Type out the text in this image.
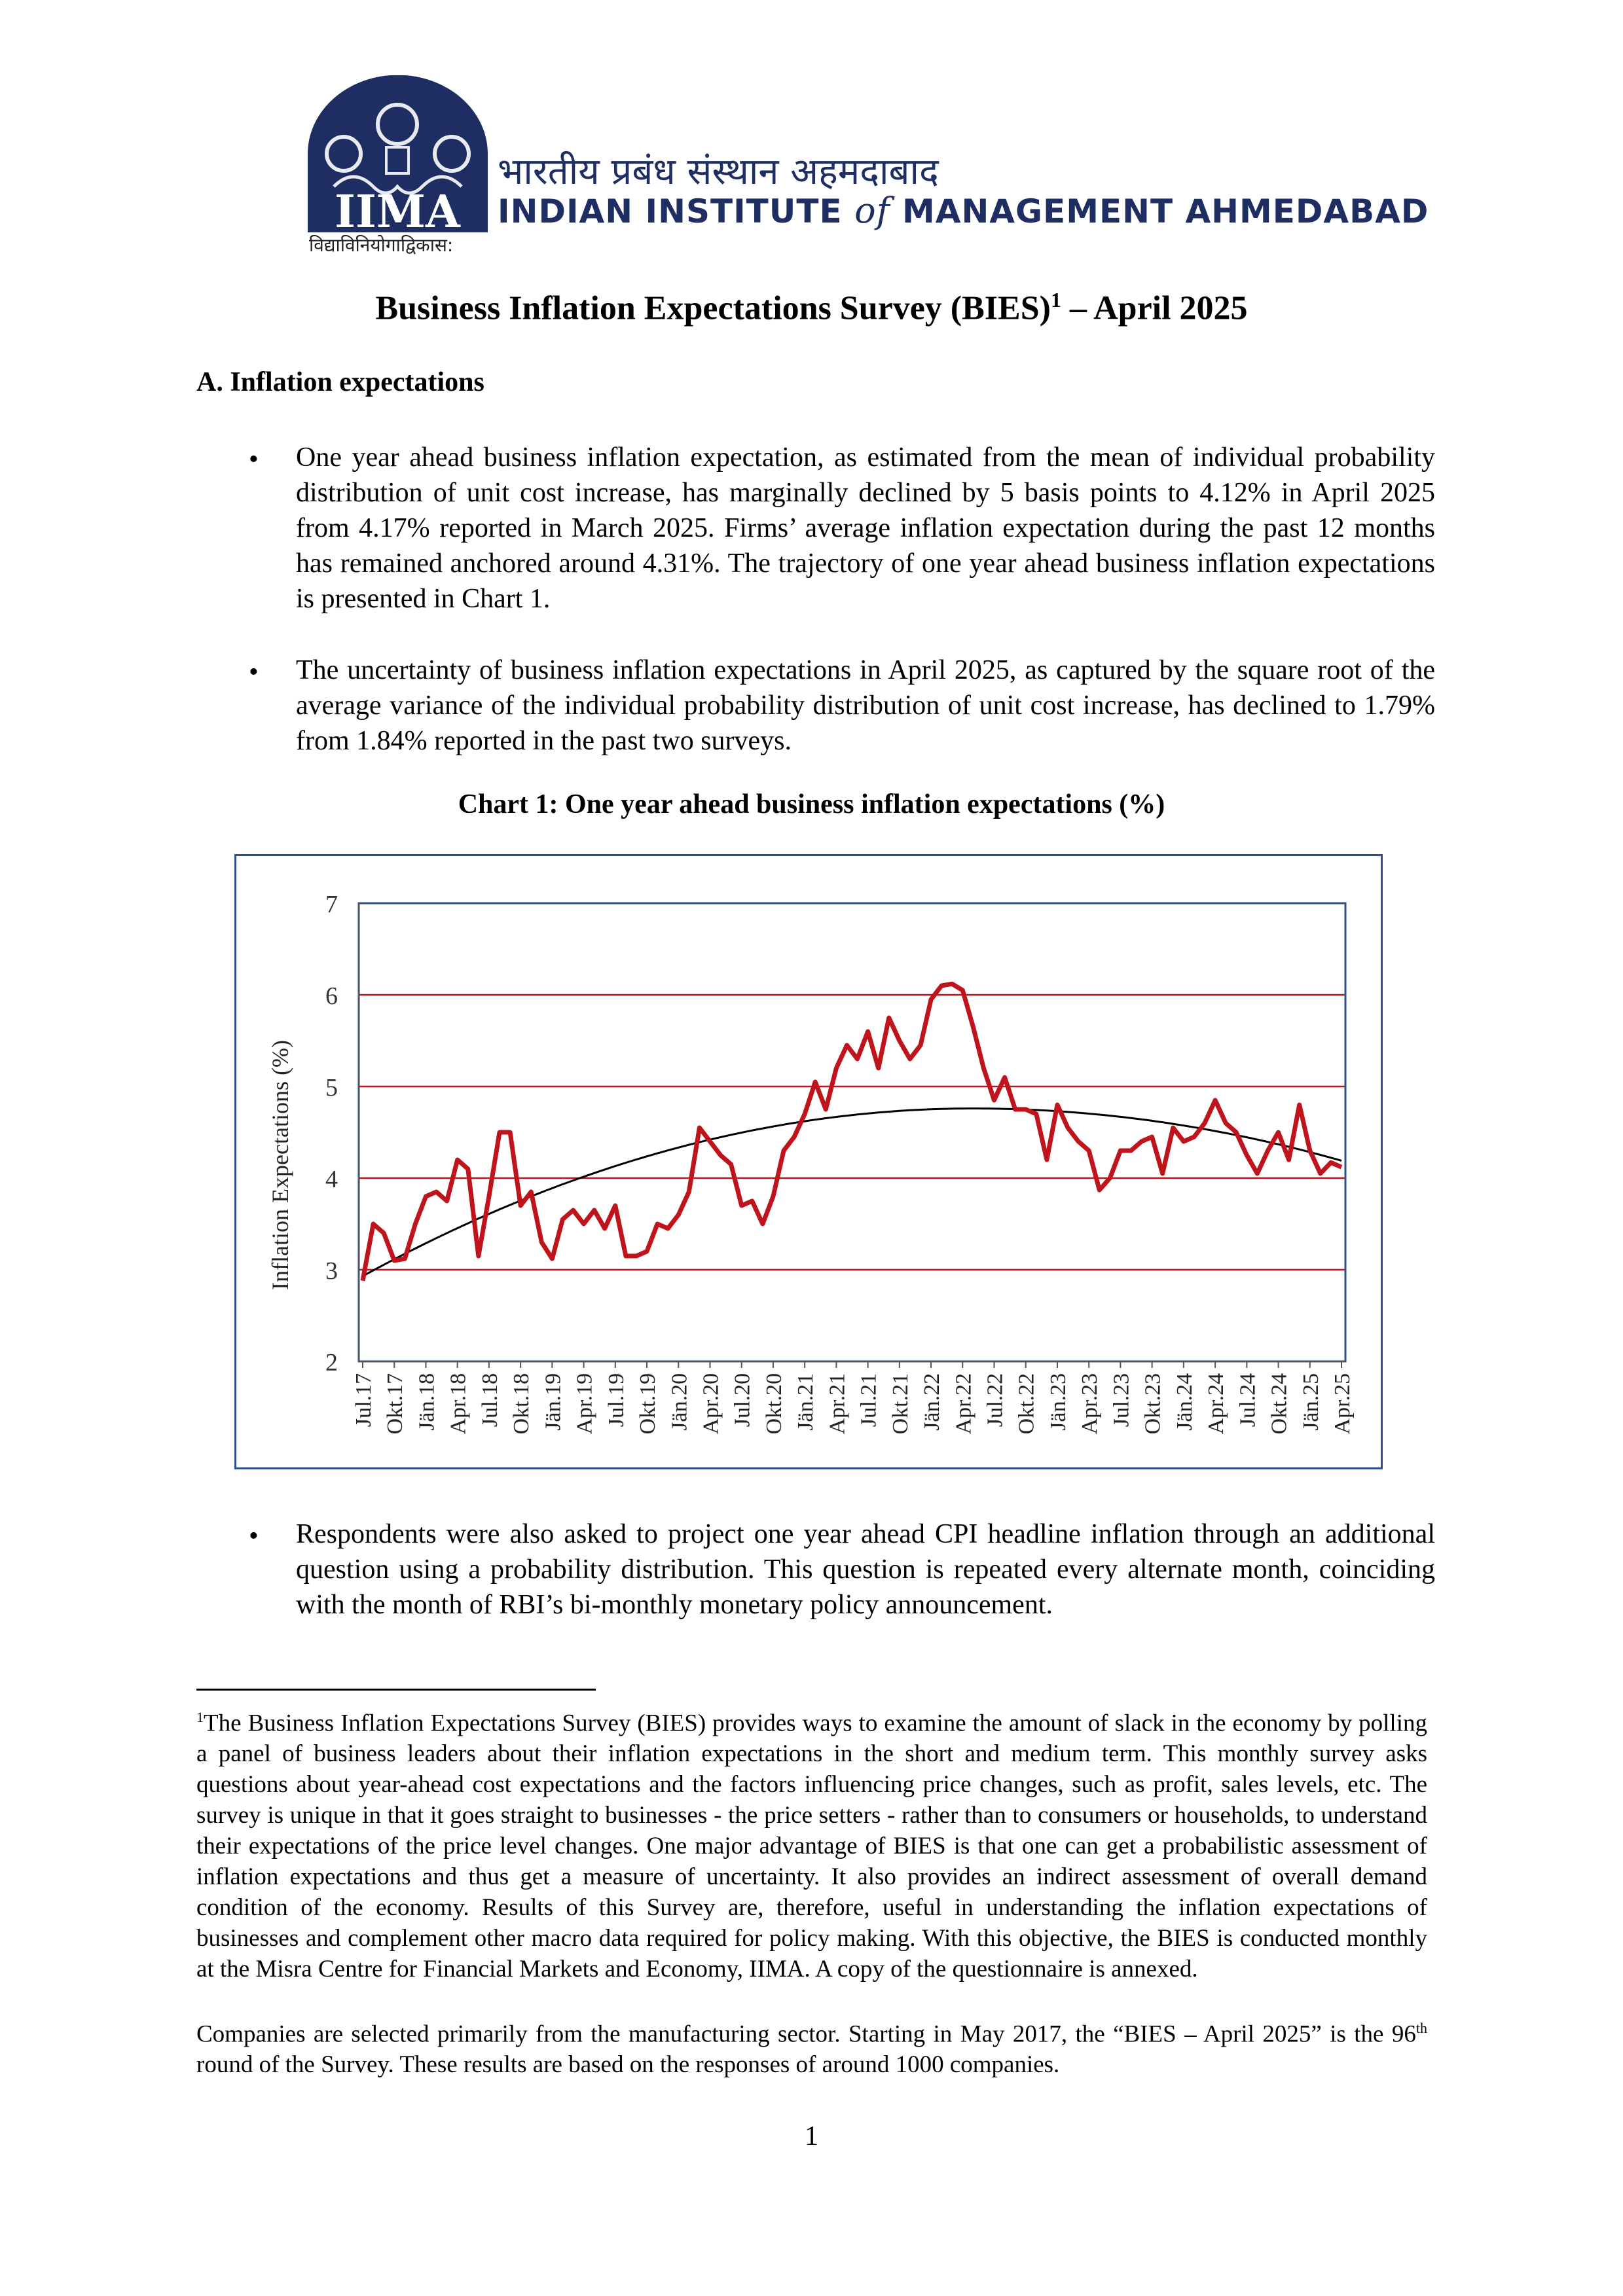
IIMA
विद्याविनियोगाद्विकास:
भारतीय प्रबंध संस्थान अहमदाबाद
INDIAN INSTITUTE of MANAGEMENT AHMEDABAD
Business Inflation Expectations Survey (BIES)$^1$ – April 2025
A. Inflation expectations
• One year ahead business inflation expectation, as estimated from the mean of individual probability distribution of unit cost increase, has marginally declined by 5 basis points to 4.12% in April 2025 from 4.17% reported in March 2025. Firms’ average inflation expectation during the past 12 months has remained anchored around 4.31%. The trajectory of one year ahead business inflation expectations is presented in Chart 1.

• The uncertainty of business inflation expectations in April 2025, as captured by the square root of the average variance of the individual probability distribution of unit cost increase, has declined to 1.79% from 1.84% reported in the past two surveys.

Chart 1: One year ahead business inflation expectations (%)
2
3
4
5
6
7
Jul.17 Okt.17 Jän.18 Apr.18 Jul.18 Okt.18 Jän.19 Apr.19 Jul.19 Okt.19 Jän.20 Apr.20 Jul.20 Okt.20 Jän.21 Apr.21 Jul.21 Okt.21 Jän.22 Apr.22 Jul.22 Okt.22 Jän.23 Apr.23 Jul.23 Okt.23 Jän.24 Apr.24 Jul.24 Okt.24 Jän.25 Apr.25
Inflation Expectations (%)
• Respondents were also asked to project one year ahead CPI headline inflation through an additional question using a probability distribution. This question is repeated every alternate month, coinciding with the month of RBI’s bi-monthly monetary policy announcement.

$^1$The Business Inflation Expectations Survey (BIES) provides ways to examine the amount of slack in the economy by polling a panel of business leaders about their inflation expectations in the short and medium term. This monthly survey asks questions about year-ahead cost expectations and the factors influencing price changes, such as profit, sales levels, etc. The survey is unique in that it goes straight to businesses - the price setters - rather than to consumers or households, to understand their expectations of the price level changes. One major advantage of BIES is that one can get a probabilistic assessment of inflation expectations and thus get a measure of uncertainty. It also provides an indirect assessment of overall demand condition of the economy. Results of this Survey are, therefore, useful in understanding the inflation expectations of businesses and complement other macro data required for policy making. With this objective, the BIES is conducted monthly at the Misra Centre for Financial Markets and Economy, IIMA. A copy of the questionnaire is annexed.
Companies are selected primarily from the manufacturing sector. Starting in May 2017, the “BIES – April 2025” is the 96th round of the Survey. These results are based on the responses of around 1000 companies.
1
